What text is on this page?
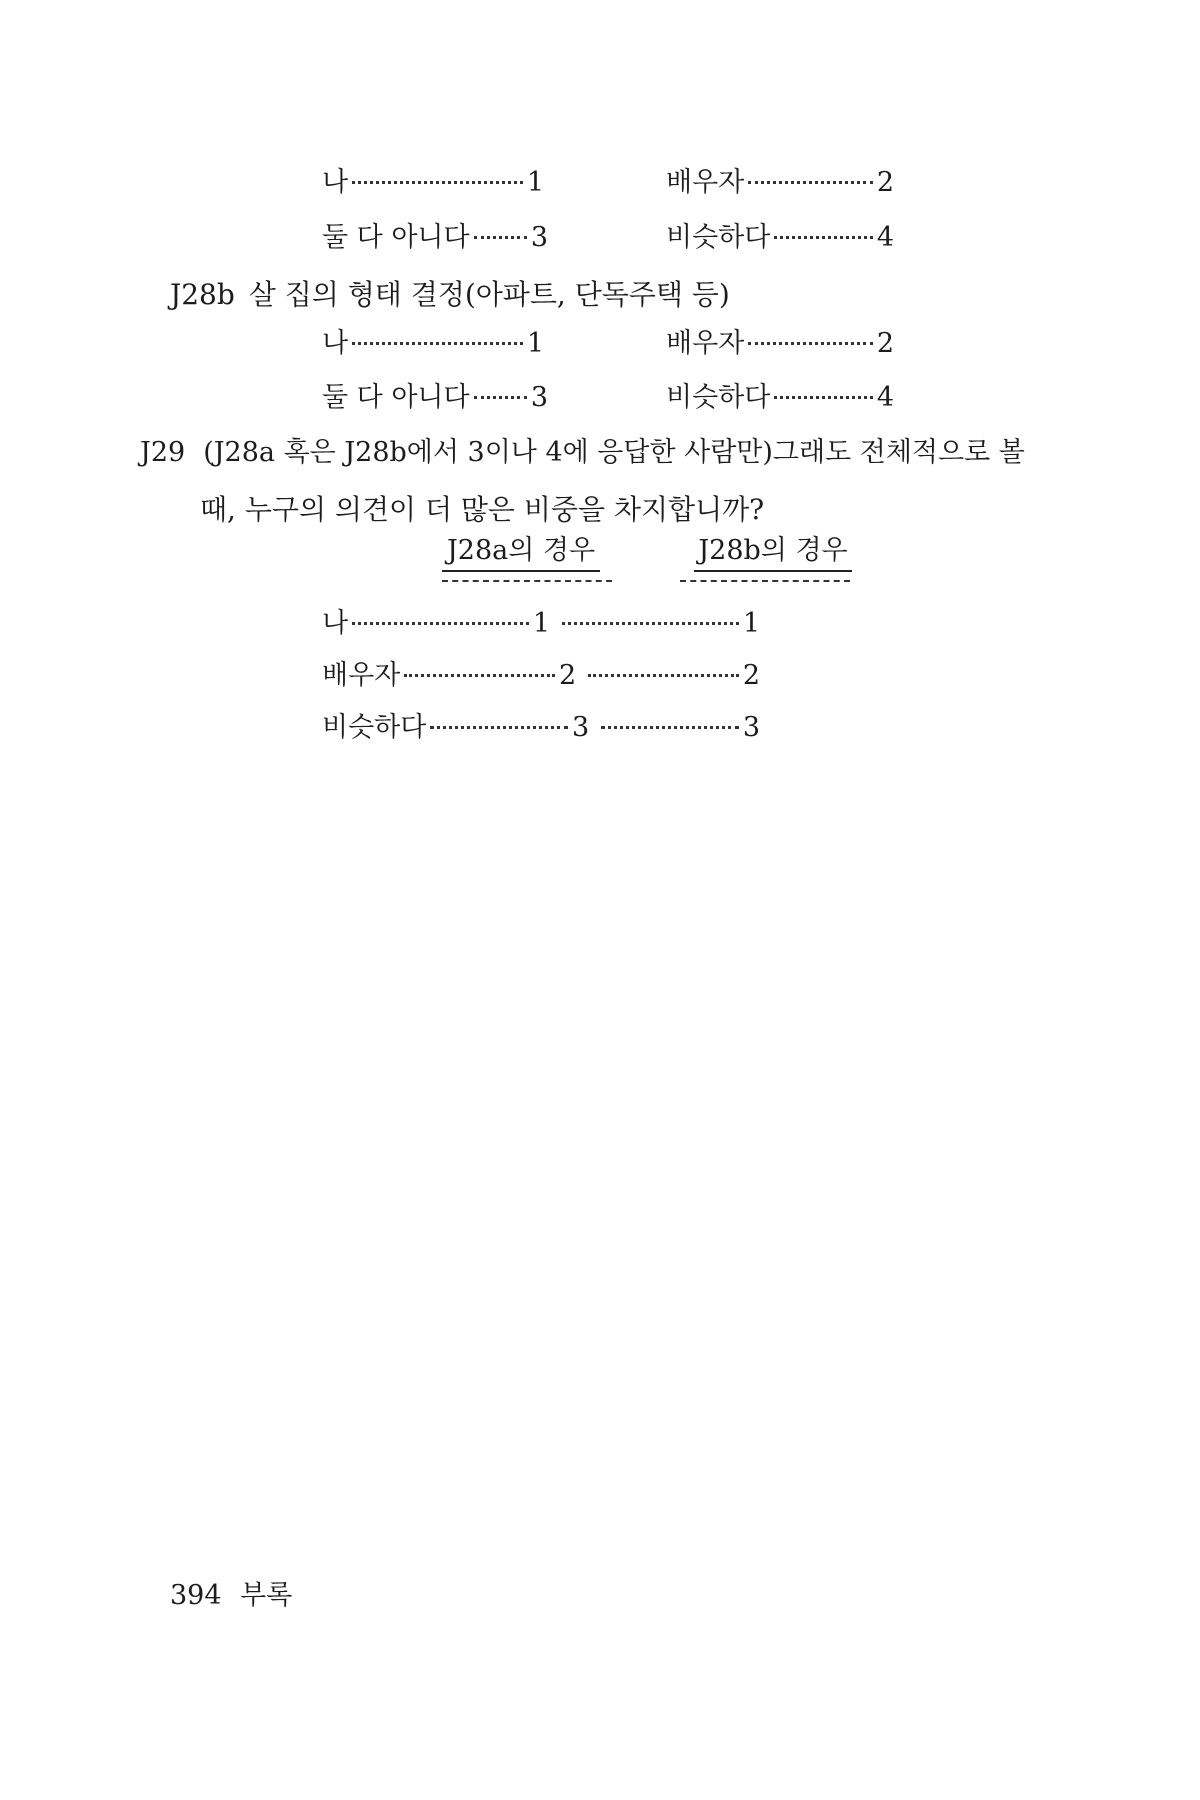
나	1	배우자	2
둘 다 아니다 3	비슷하다	4
J28b 살 집의 형태 결정(아파트, 단독주택 등)
나	1	배우자	2
둘 다 아니다 3	비슷하다	4
J29 (J28a 혹은 J28b에서 3이나 4에 응답한 사람만)그래도 전체적으로 볼
때, 누구의 의견이 더 많은 비중을 차지합니까?
J28a의 경우	J28b의 경우
나	1	1
배우자	2	2
비슷하다	3	3
394 부록
